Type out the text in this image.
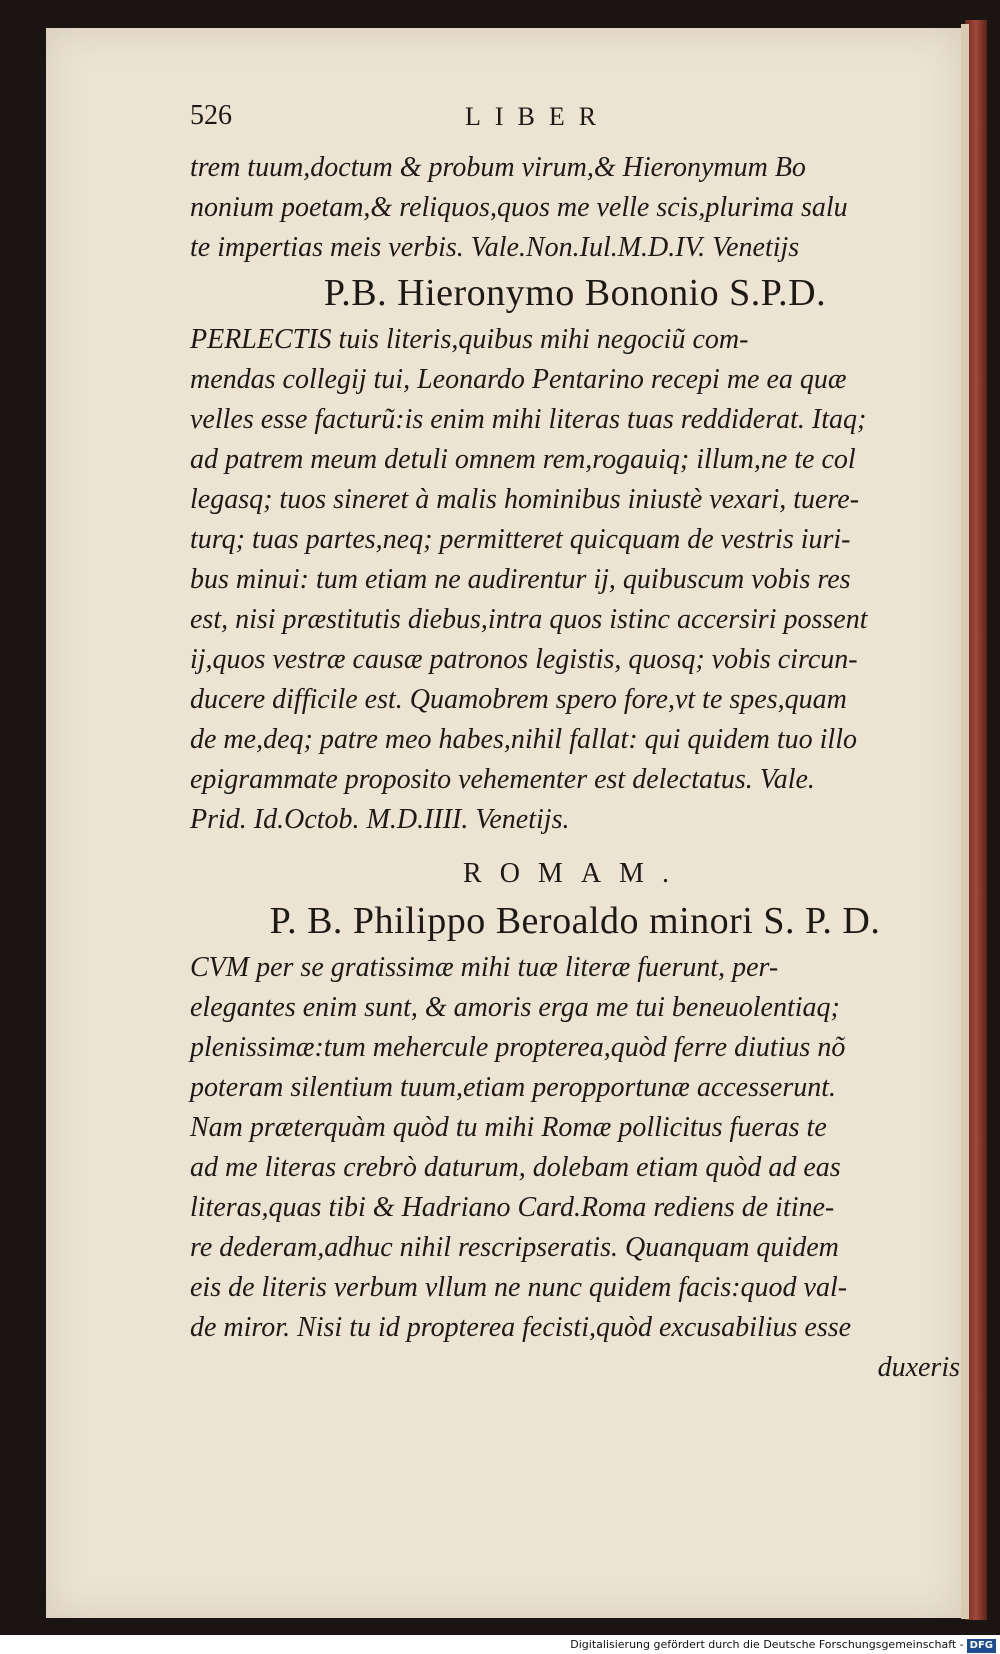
526	LIBER
trem tuum,doctum & probum virum,& Hieronymum Bo
nonium poetam,& reliquos,quos me velle scis,plurima salu
te impertias meis verbis. Vale.Non.Iul.M.D.IV. Venetijs
P.B. Hieronymo Bononio S.P.D.
PERLECTIS tuis literis,quibus mihi negociũ com-
mendas collegij tui, Leonardo Pentarino recepi me ea quæ
velles esse facturũ:is enim mihi literas tuas reddiderat. Itaq;
ad patrem meum detuli omnem rem,rogauiq; illum,ne te col
legasq; tuos sineret à malis hominibus iniustè vexari, tuere-
turq; tuas partes,neq; permitteret quicquam de vestris iuri-
bus minui: tum etiam ne audirentur ij, quibuscum vobis res
est, nisi præstitutis diebus,intra quos istinc accersiri possent
ij,quos vestræ causæ patronos legistis, quosq; vobis circun-
ducere difficile est. Quamobrem spero fore,vt te spes,quam
de me,deq; patre meo habes,nihil fallat: qui quidem tuo illo
epigrammate proposito vehementer est delectatus. Vale.
Prid. Id.Octob. M.D.IIII. Venetijs.
ROMAM.
P. B. Philippo Beroaldo minori S. P. D.
CVM per se gratissimæ mihi tuæ literæ fuerunt, per-
elegantes enim sunt, & amoris erga me tui beneuolentiaq;
plenissimæ:tum mehercule propterea,quòd ferre diutius nõ
poteram silentium tuum,etiam peropportunæ accesserunt.
Nam prӕterquàm quòd tu mihi Romæ pollicitus fueras te
ad me literas crebrò daturum, dolebam etiam quòd ad eas
literas,quas tibi & Hadriano Card.Roma rediens de itine-
re dederam,adhuc nihil rescripseratis. Quanquam quidem
eis de literis verbum vllum ne nunc quidem facis:quod val-
de miror. Nisi tu id propterea fecisti,quòd excusabilius esse
duxeris
Digitalisierung gefördert durch die Deutsche Forschungsgemeinschaft - DFG
